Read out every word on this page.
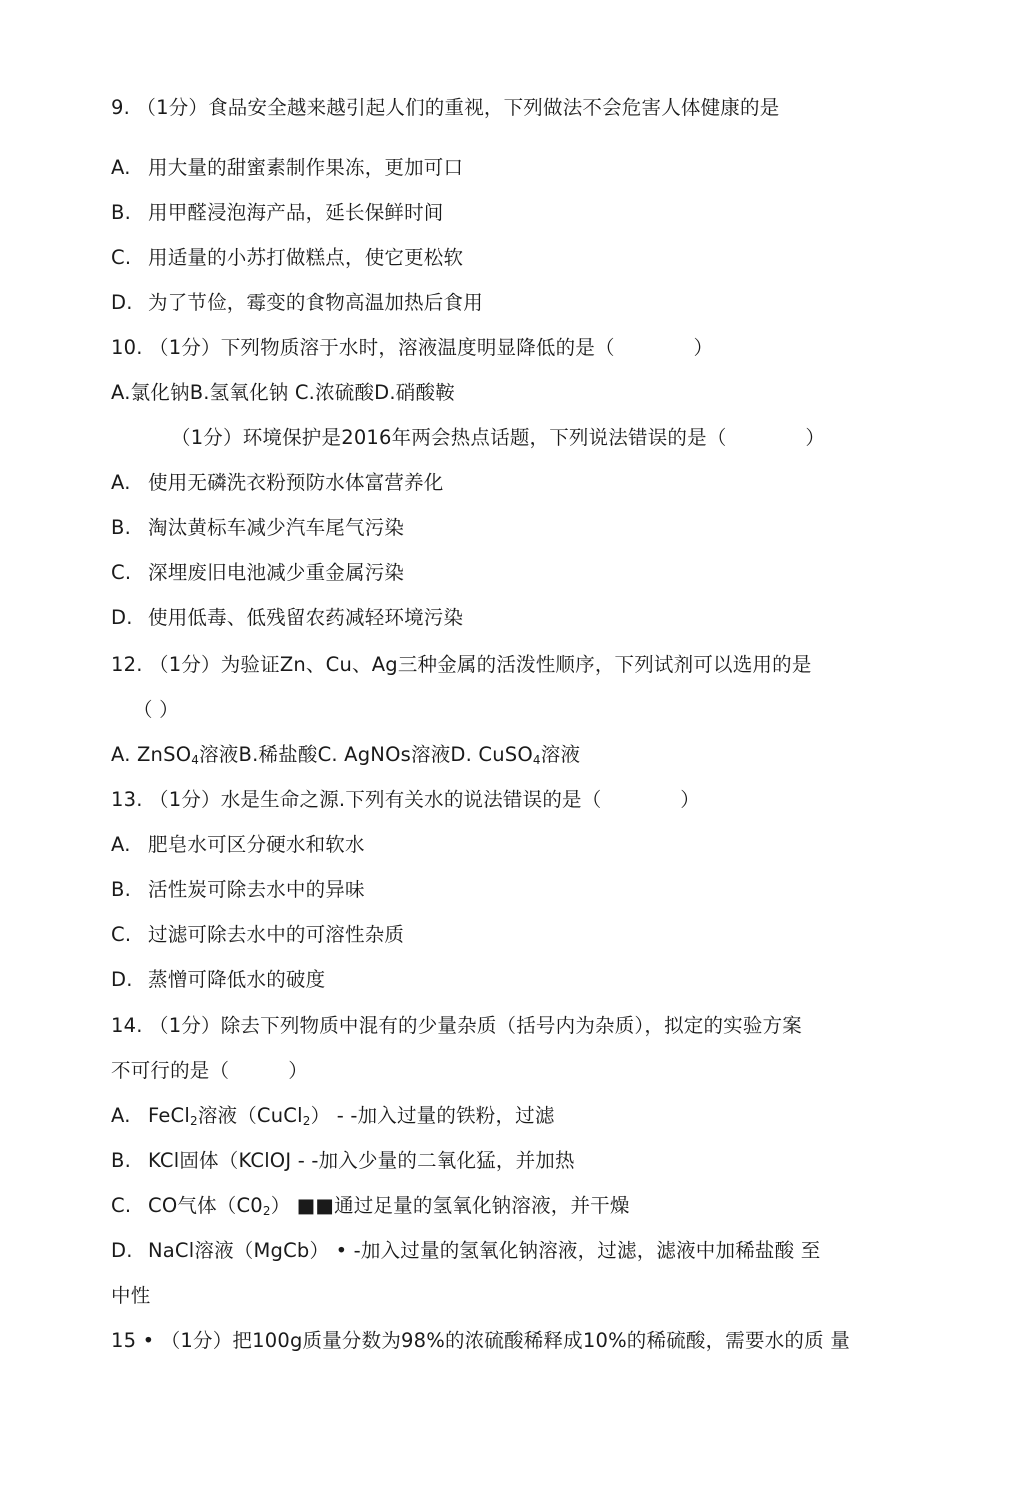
9. （1分）食品安全越来越引起人们的重视，下列做法不会危害人体健康的是
A. 用大量的甜蜜素制作果冻，更加可口
B. 用甲醛浸泡海产品，延长保鲜时间
C. 用适量的小苏打做糕点，使它更松软
D. 为了节俭，霉变的食物高温加热后食用
10. （1分）下列物质溶于水时，溶液温度明显降低的是（　　　　）
A.氯化钠B.氢氧化钠 C.浓硫酸D.硝酸鞍
（1分）环境保护是2016年两会热点话题，下列说法错误的是（　　　　）
A. 使用无磷洗衣粉预防水体富营养化
B. 淘汰黄标车减少汽车尾气污染
C. 深埋废旧电池减少重金属污染
D. 使用低毒、低残留农药减轻环境污染
12. （1分）为验证Zn、Cu、Ag三种金属的活泼性顺序，下列试剂可以选用的是
（ ）
A. ZnSO$_4$溶液B.稀盐酸C. AgNOs溶液D. CuSO$_4$溶液
13. （1分）水是生命之源.下列有关水的说法错误的是（　　　　）
A. 肥皂水可区分硬水和软水
B. 活性炭可除去水中的异味
C. 过滤可除去水中的可溶性杂质
D. 蒸憎可降低水的破度
14. （1分）除去下列物质中混有的少量杂质（括号内为杂质），拟定的实验方案
不可行的是（　　　）
A. FeCl$_2$溶液（CuCl$_2$） - -加入过量的铁粉，过滤
B. KCl固体（KClOJ - -加入少量的二氧化猛，并加热
C. CO气体$(C0_2)$ ■■通过足量的氢氧化钠溶液，并干燥
D. NaCl溶液（MgCb） • -加入过量的氢氧化钠溶液，过滤，滤液中加稀盐酸 至
中性
15 • （1分）把100g质量分数为98%的浓硫酸稀释成10%的稀硫酸，需要水的质 量
